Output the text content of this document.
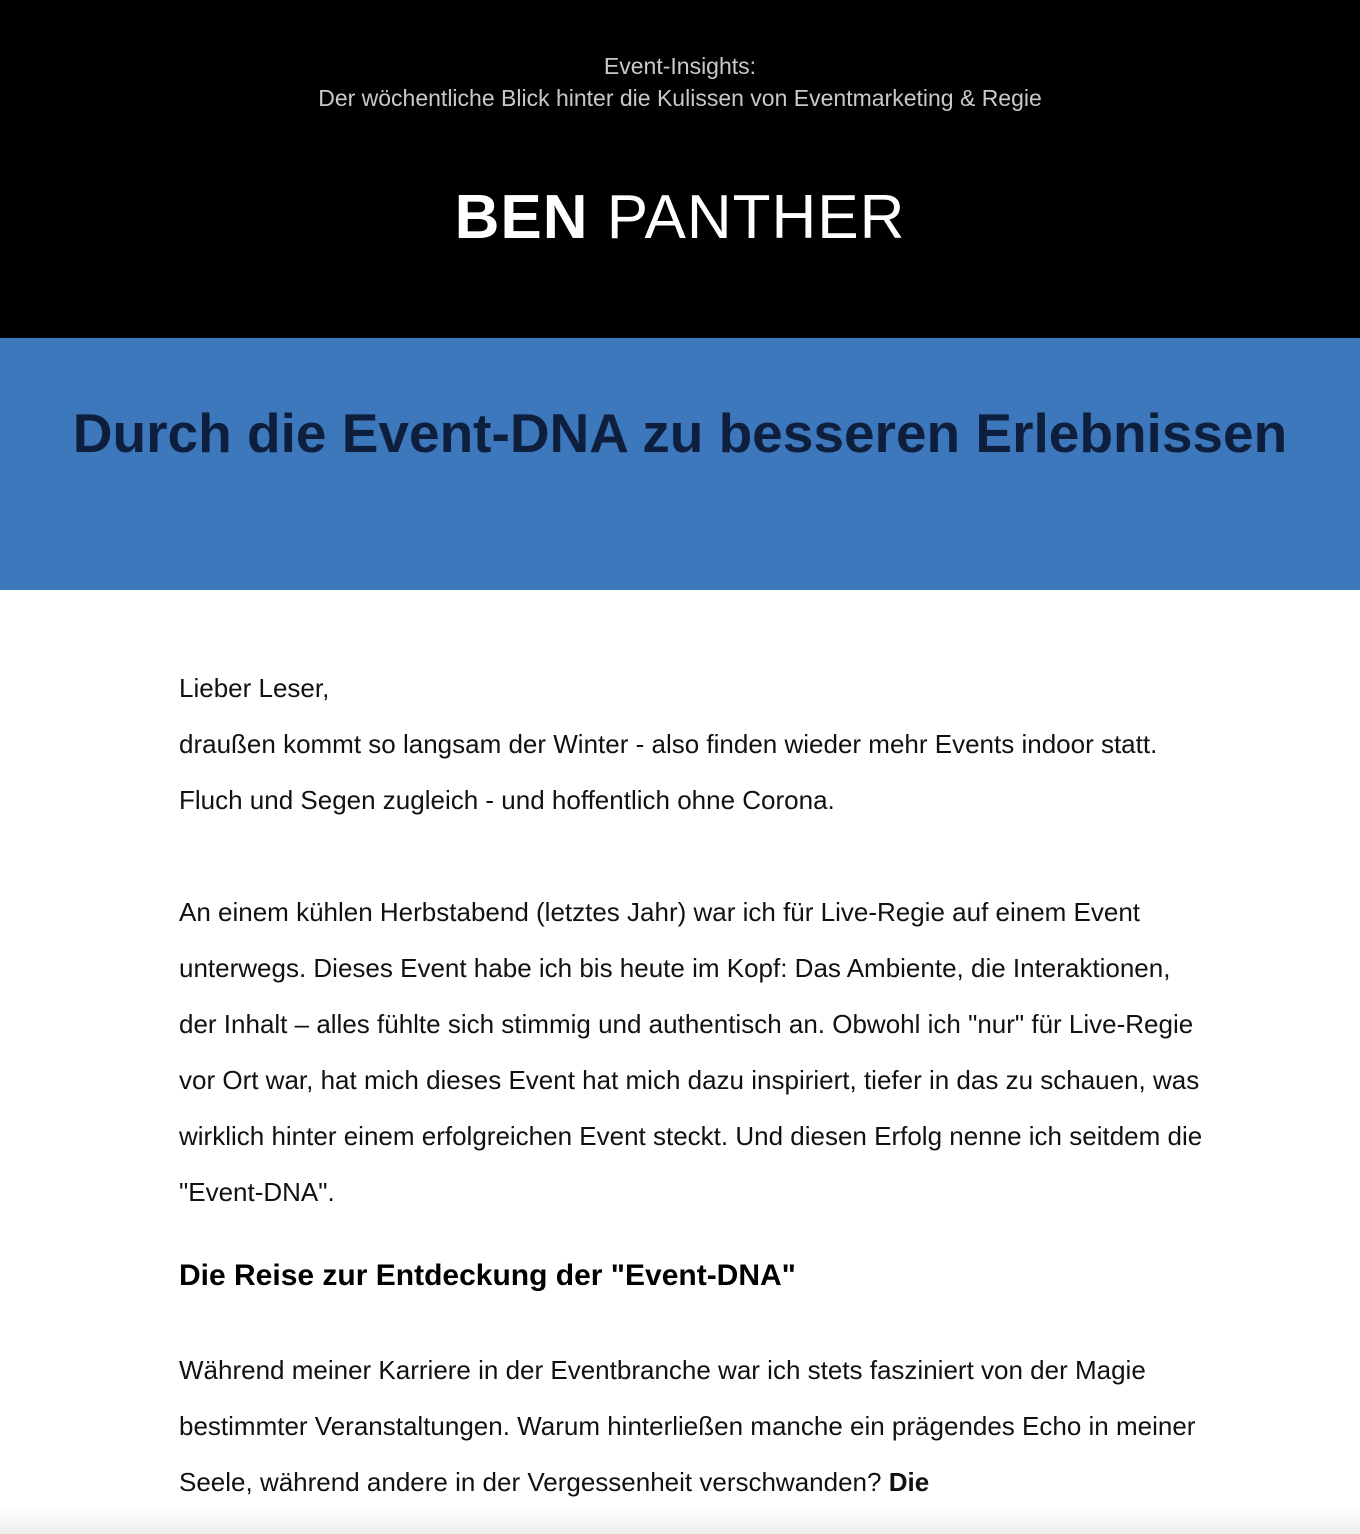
Event-Insights:
Der wöchentliche Blick hinter die Kulissen von Eventmarketing & Regie
BEN PANTHER
Durch die Event-DNA zu besseren Erlebnissen

Lieber Leser,

draußen kommt so langsam der Winter - also finden wieder mehr Events indoor statt. Fluch und Segen zugleich - und hoffentlich ohne Corona.

An einem kühlen Herbstabend (letztes Jahr) war ich für Live-Regie auf einem Event unterwegs. Dieses Event habe ich bis heute im Kopf: Das Ambiente, die Interaktionen, der Inhalt – alles fühlte sich stimmig und authentisch an. Obwohl ich "nur" für Live-Regie vor Ort war, hat mich dieses Event hat mich dazu inspiriert, tiefer in das zu schauen, was wirklich hinter einem erfolgreichen Event steckt. Und diesen Erfolg nenne ich seitdem die "Event-DNA".

Die Reise zur Entdeckung der "Event-DNA"

Während meiner Karriere in der Eventbranche war ich stets fasziniert von der Magie bestimmter Veranstaltungen. Warum hinterließen manche ein prägendes Echo in meiner Seele, während andere in der Vergessenheit verschwanden? Die
